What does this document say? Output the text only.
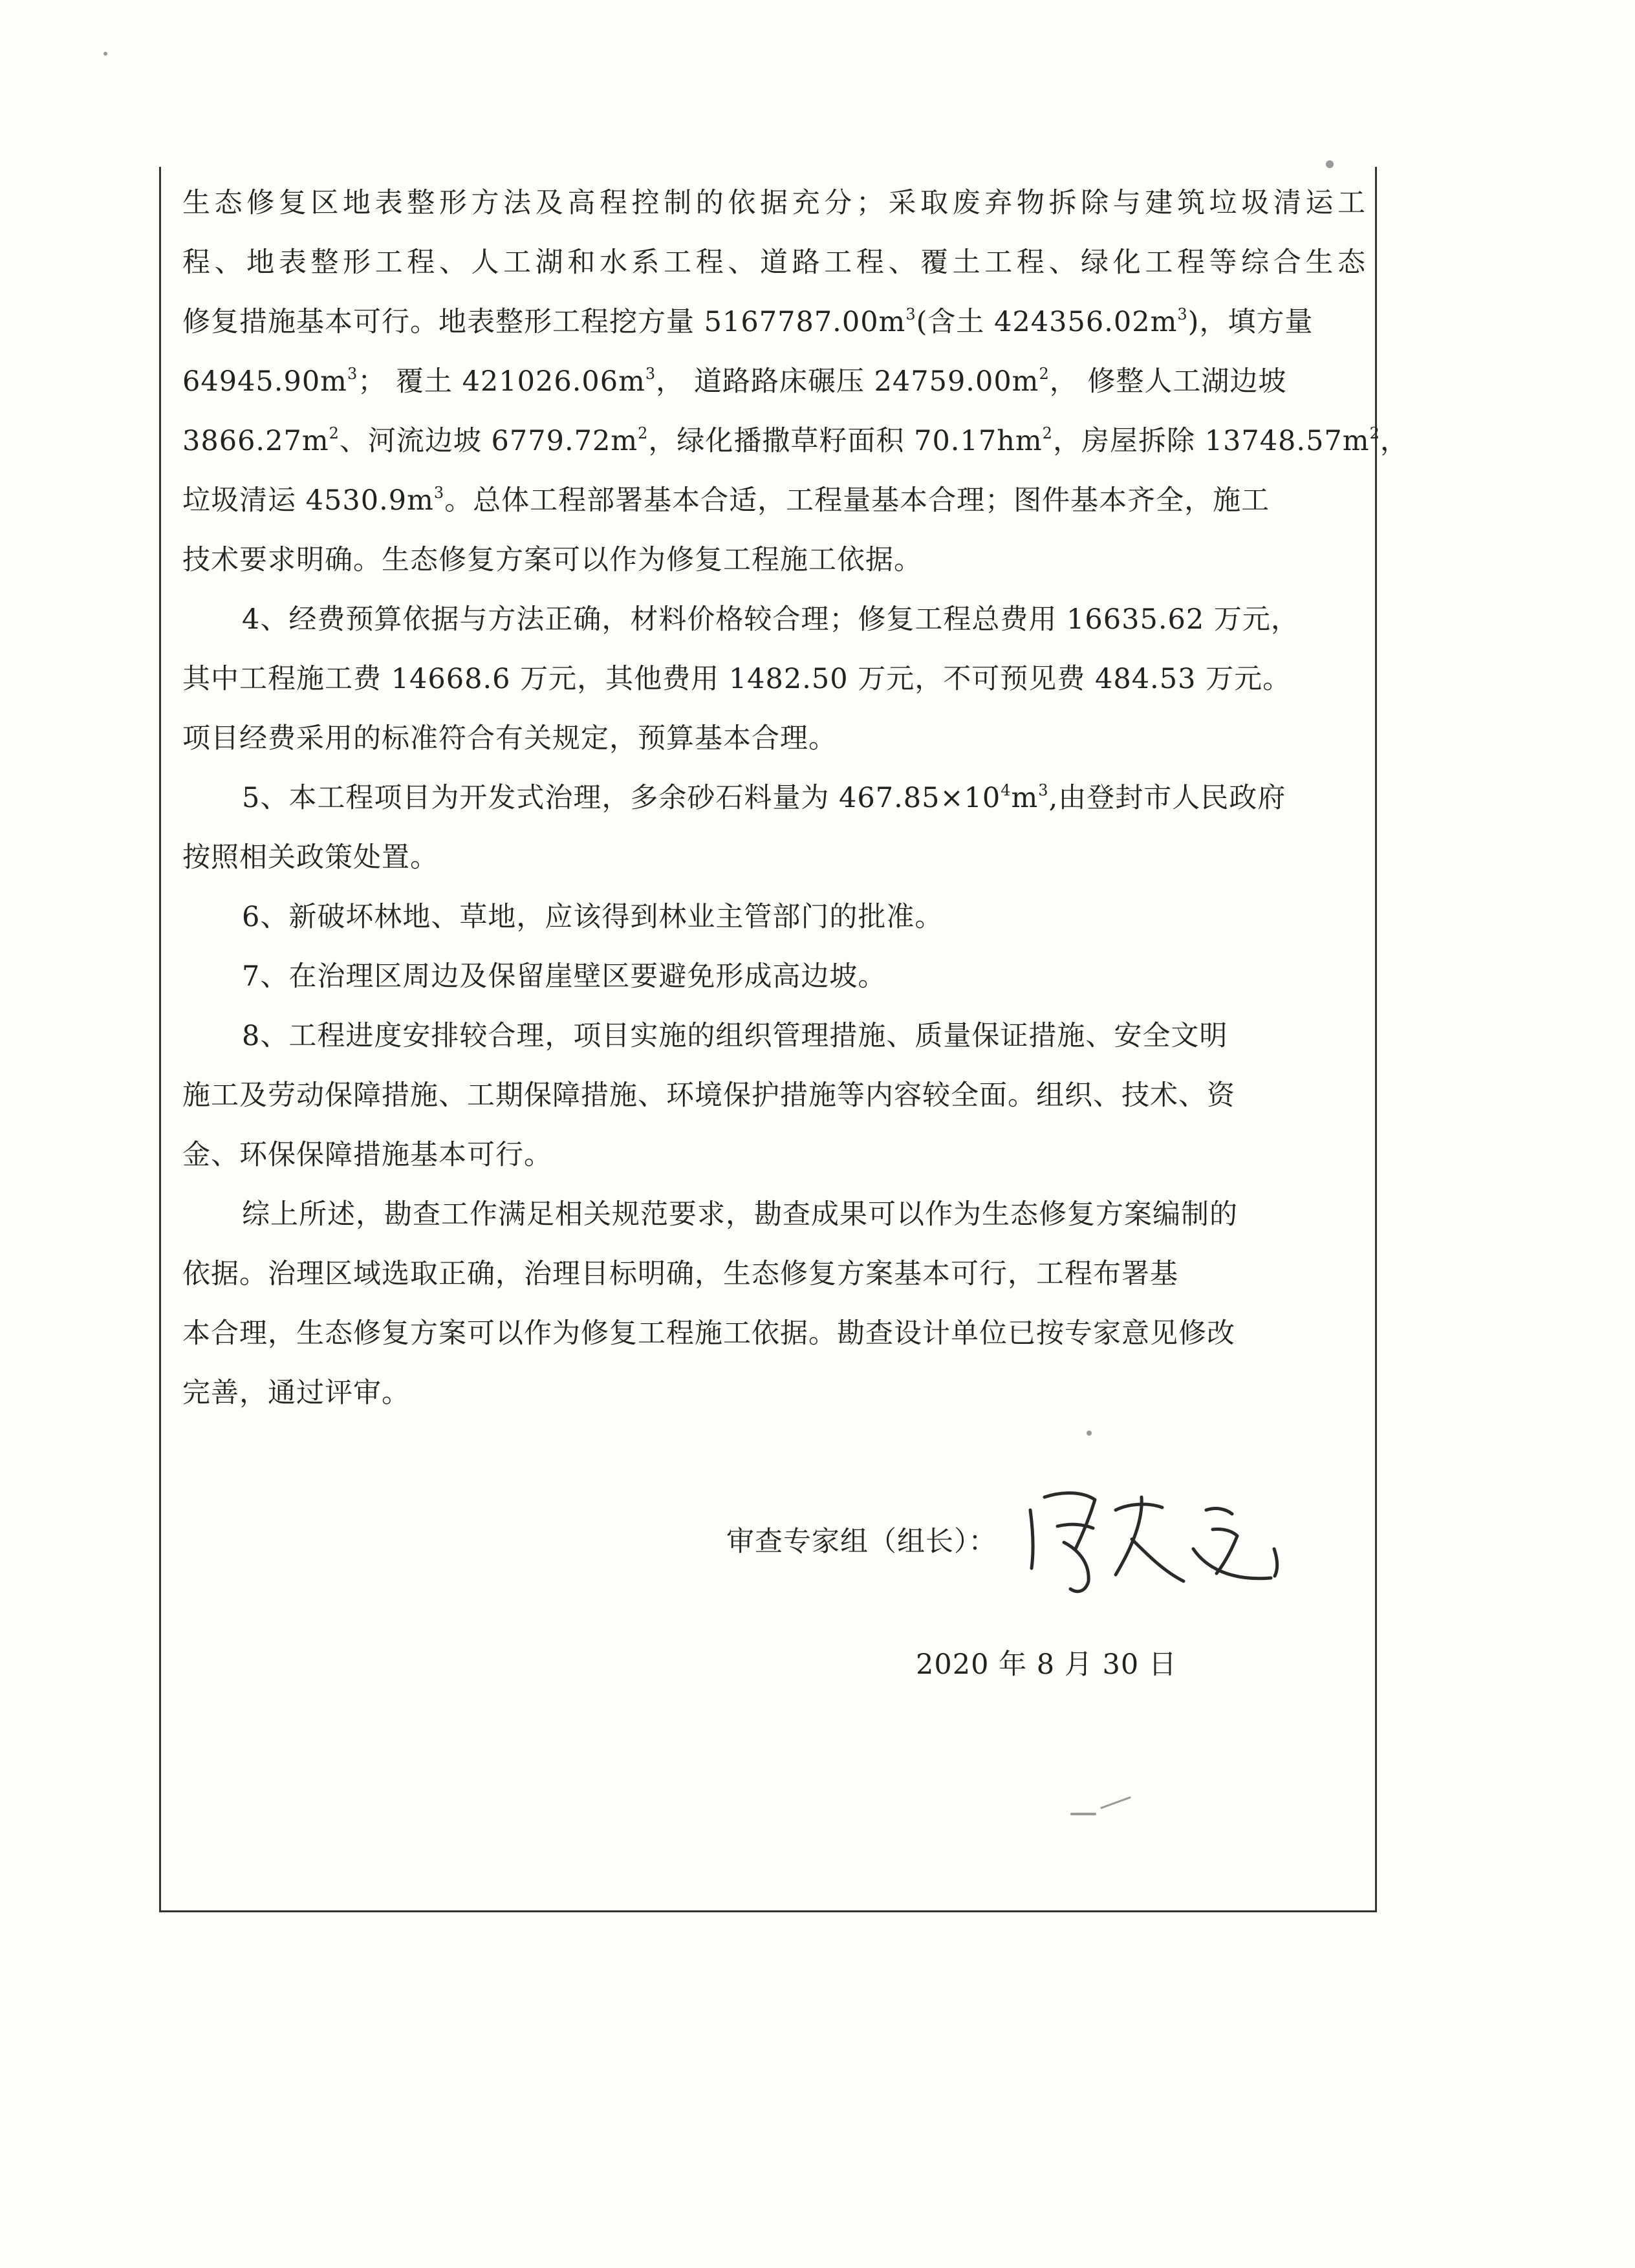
生态修复区地表整形方法及高程控制的依据充分；采取废弃物拆除与建筑垃圾清运工
程、地表整形工程、人工湖和水系工程、道路工程、覆土工程、绿化工程等综合生态
修复措施基本可行。地表整形工程挖方量 $5167787.00m^3$(含土 $424356.02m^3$)，填方量
$64945.90m^3$； 覆土 $421026.06m^3$， 道路路床碾压 $24759.00m^2$， 修整人工湖边坡
$3866.27m^2$、河流边坡 $6779.72m^2$，绿化播撒草籽面积 $70.17hm^2$，房屋拆除 $13748.57m^2$，
垃圾清运 $4530.9m^3$。总体工程部署基本合适，工程量基本合理；图件基本齐全，施工
技术要求明确。生态修复方案可以作为修复工程施工依据。
4、经费预算依据与方法正确，材料价格较合理；修复工程总费用 16635.62 万元，
其中工程施工费 14668.6 万元，其他费用 1482.50 万元，不可预见费 484.53 万元。
项目经费采用的标准符合有关规定，预算基本合理。
5、本工程项目为开发式治理，多余砂石料量为 $467.85\times 10^4m^3$,由登封市人民政府
按照相关政策处置。
6、新破坏林地、草地，应该得到林业主管部门的批准。
7、在治理区周边及保留崖壁区要避免形成高边坡。
8、工程进度安排较合理，项目实施的组织管理措施、质量保证措施、安全文明
施工及劳动保障措施、工期保障措施、环境保护措施等内容较全面。组织、技术、资
金、环保保障措施基本可行。
综上所述，勘查工作满足相关规范要求，勘查成果可以作为生态修复方案编制的
依据。治理区域选取正确，治理目标明确，生态修复方案基本可行，工程布署基
本合理，生态修复方案可以作为修复工程施工依据。勘查设计单位已按专家意见修改
完善，通过评审。
审查专家组（组长）：
2020 年 8 月 30 日
